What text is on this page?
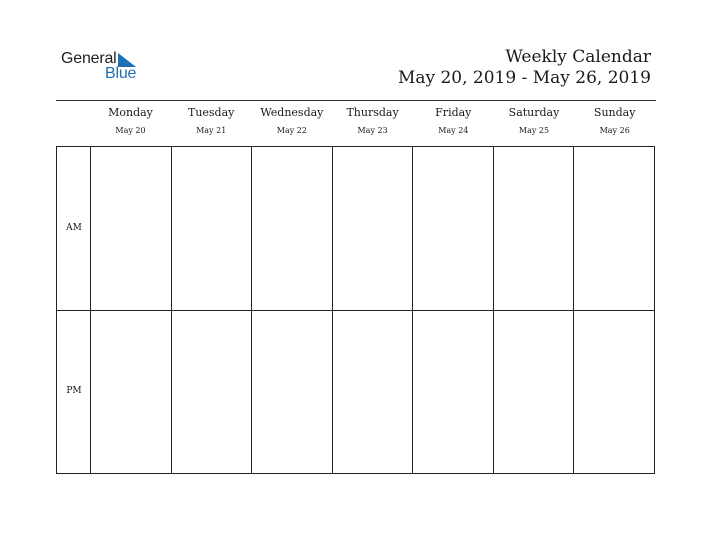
General
Blue
Weekly Calendar
May 20, 2019 - May 26, 2019
Monday
May 20
Tuesday
May 21
Wednesday
May 22
Thursday
May 23
Friday
May 24
Saturday
May 25
Sunday
May 26
AM
PM
